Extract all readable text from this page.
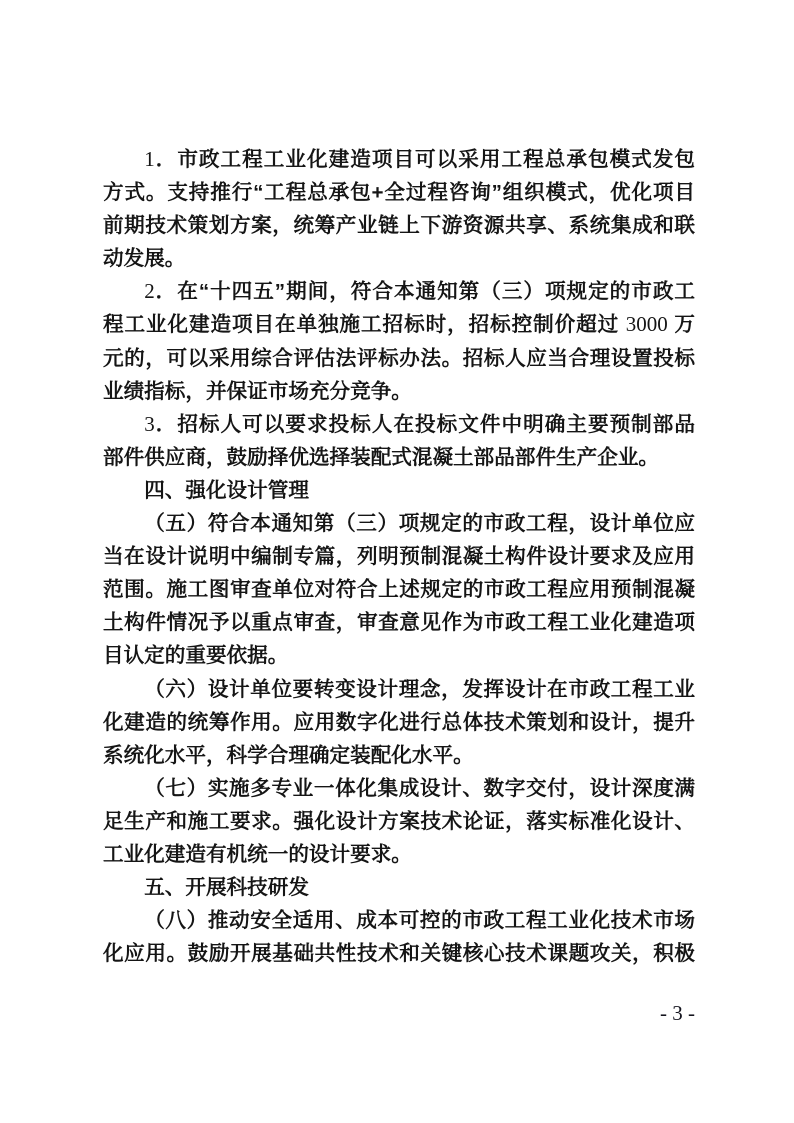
1．市政工程工业化建造项目可以采用工程总承包模式发包
方式。支持推行“工程总承包+全过程咨询”组织模式，优化项目
前期技术策划方案，统筹产业链上下游资源共享、系统集成和联
动发展。
2．在“十四五”期间，符合本通知第（三）项规定的市政工
程工业化建造项目在单独施工招标时，招标控制价超过 3000 万
元的，可以采用综合评估法评标办法。招标人应当合理设置投标
业绩指标，并保证市场充分竞争。
3．招标人可以要求投标人在投标文件中明确主要预制部品
部件供应商，鼓励择优选择装配式混凝土部品部件生产企业。
四、强化设计管理
（五）符合本通知第（三）项规定的市政工程，设计单位应
当在设计说明中编制专篇，列明预制混凝土构件设计要求及应用
范围。施工图审查单位对符合上述规定的市政工程应用预制混凝
土构件情况予以重点审查，审查意见作为市政工程工业化建造项
目认定的重要依据。
（六）设计单位要转变设计理念，发挥设计在市政工程工业
化建造的统筹作用。应用数字化进行总体技术策划和设计，提升
系统化水平，科学合理确定装配化水平。
（七）实施多专业一体化集成设计、数字交付，设计深度满
足生产和施工要求。强化设计方案技术论证，落实标准化设计、
工业化建造有机统一的设计要求。
五、开展科技研发
（八）推动安全适用、成本可控的市政工程工业化技术市场
化应用。鼓励开展基础共性技术和关键核心技术课题攻关，积极
- 3 -
